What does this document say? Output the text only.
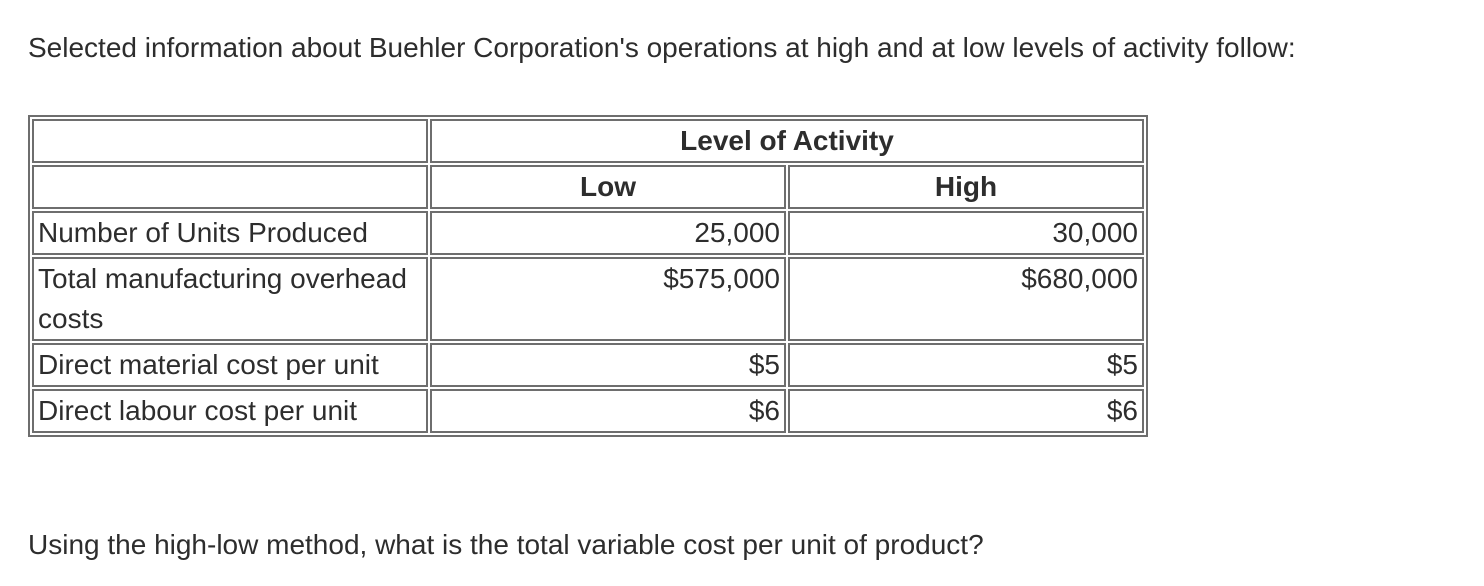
Selected information about Buehler Corporation's operations at high and at low levels of activity follow:

	Level of Activity	
	Low	High
Number of Units Produced	25,000	30,000
Total manufacturing overhead costs	$575,000	$680,000
Direct material cost per unit	$5	$5
Direct labour cost per unit	$6	$6

Using the high-low method, what is the total variable cost per unit of product?
